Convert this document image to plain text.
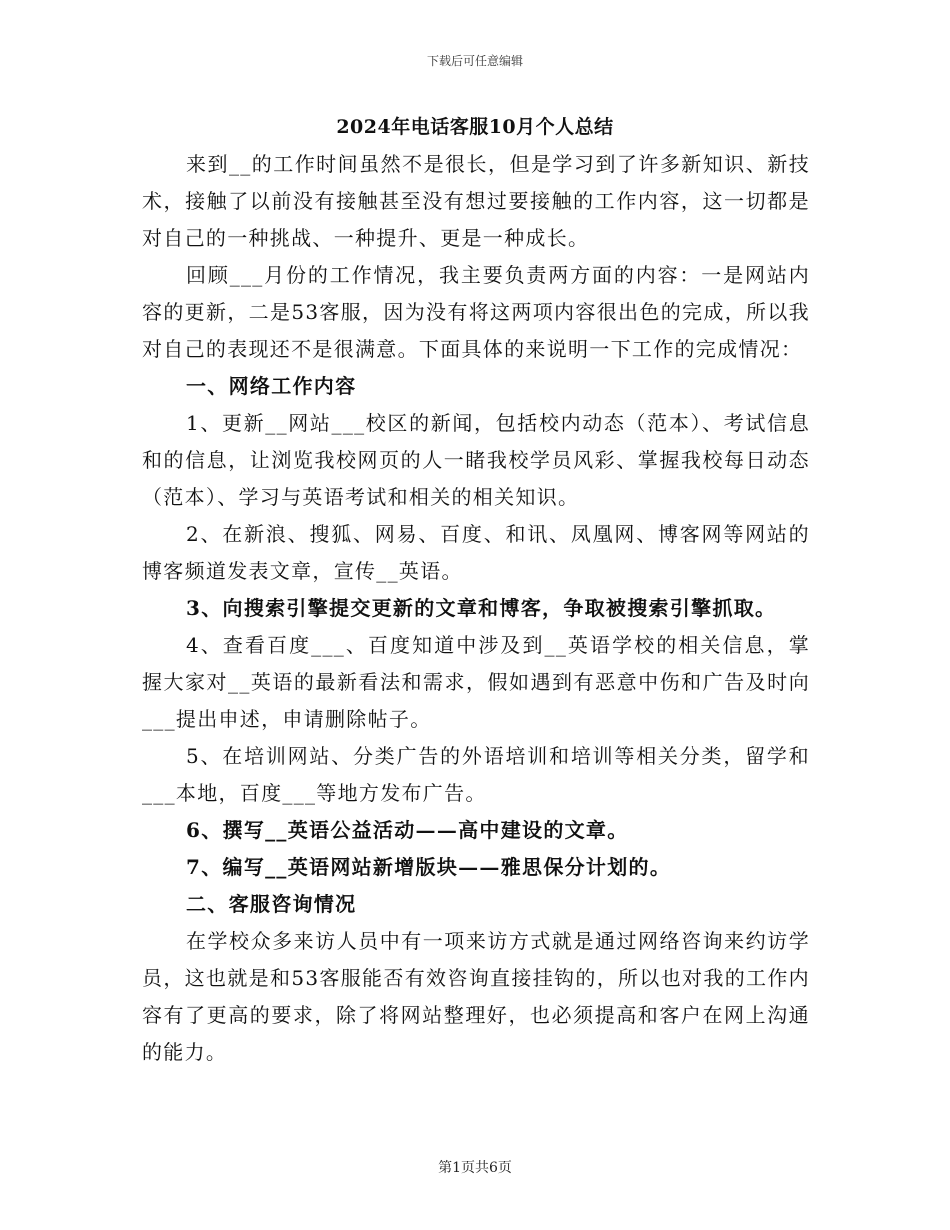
下载后可任意编辑
2024年电话客服10月个人总结

来到__的工作时间虽然不是很长，但是学习到了许多新知识、新技术，接触了以前没有接触甚至没有想过要接触的工作内容，这一切都是对自己的一种挑战、一种提升、更是一种成长。

回顾___月份的工作情况，我主要负责两方面的内容：一是网站内容的更新，二是53客服，因为没有将这两项内容很出色的完成，所以我对自己的表现还不是很满意。下面具体的来说明一下工作的完成情况：

一、网络工作内容

1、更新__网站___校区的新闻，包括校内动态（范本）、考试信息和的信息，让浏览我校网页的人一睹我校学员风彩、掌握我校每日动态（范本）、学习与英语考试和相关的相关知识。

2、在新浪、搜狐、网易、百度、和讯、凤凰网、博客网等网站的博客频道发表文章，宣传__英语。

3、向搜索引擎提交更新的文章和博客，争取被搜索引擎抓取。

4、查看百度___、百度知道中涉及到__英语学校的相关信息，掌握大家对__英语的最新看法和需求，假如遇到有恶意中伤和广告及时向___提出申述，申请删除帖子。

5、在培训网站、分类广告的外语培训和培训等相关分类，留学和___本地，百度___等地方发布广告。

6、撰写__英语公益活动——高中建设的文章。

7、编写__英语网站新增版块——雅思保分计划的。

二、客服咨询情况

在学校众多来访人员中有一项来访方式就是通过网络咨询来约访学员，这也就是和53客服能否有效咨询直接挂钩的，所以也对我的工作内容有了更高的要求，除了将网站整理好，也必须提高和客户在网上沟通的能力。

第1页共6页
